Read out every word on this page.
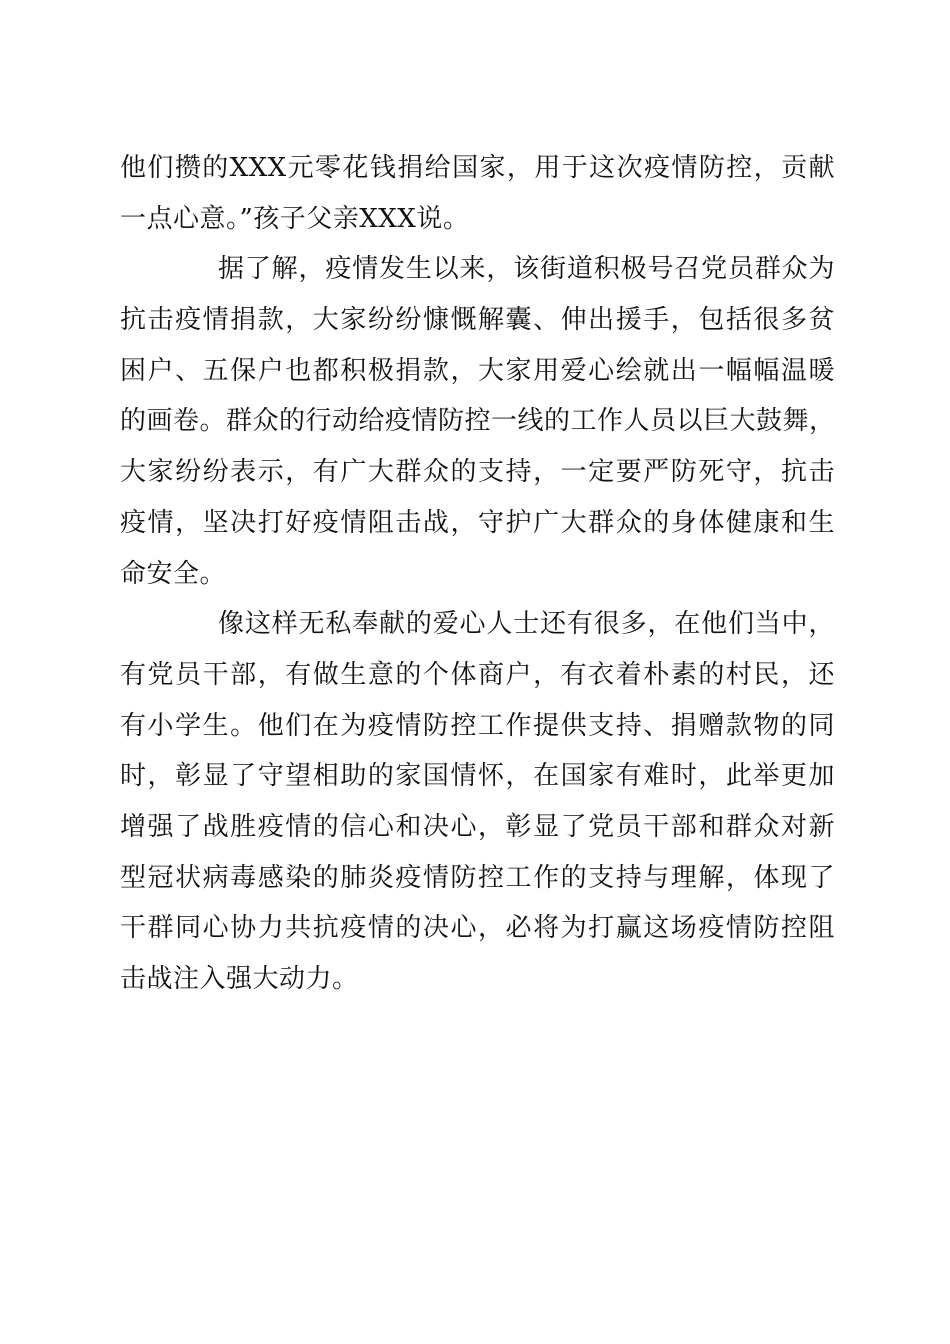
他们攒的XXX元零花钱捐给国家，用于这次疫情防控，贡献
一点心意。”孩子父亲XXX说。
据了解，疫情发生以来，该街道积极号召党员群众为
抗击疫情捐款，大家纷纷慷慨解囊、伸出援手，包括很多贫
困户、五保户也都积极捐款，大家用爱心绘就出一幅幅温暖
的画卷。群众的行动给疫情防控一线的工作人员以巨大鼓舞，
大家纷纷表示，有广大群众的支持，一定要严防死守，抗击
疫情，坚决打好疫情阻击战，守护广大群众的身体健康和生
命安全。
像这样无私奉献的爱心人士还有很多，在他们当中，
有党员干部，有做生意的个体商户，有衣着朴素的村民，还
有小学生。他们在为疫情防控工作提供支持、捐赠款物的同
时，彰显了守望相助的家国情怀，在国家有难时，此举更加
增强了战胜疫情的信心和决心，彰显了党员干部和群众对新
型冠状病毒感染的肺炎疫情防控工作的支持与理解，体现了
干群同心协力共抗疫情的决心，必将为打赢这场疫情防控阻
击战注入强大动力。
